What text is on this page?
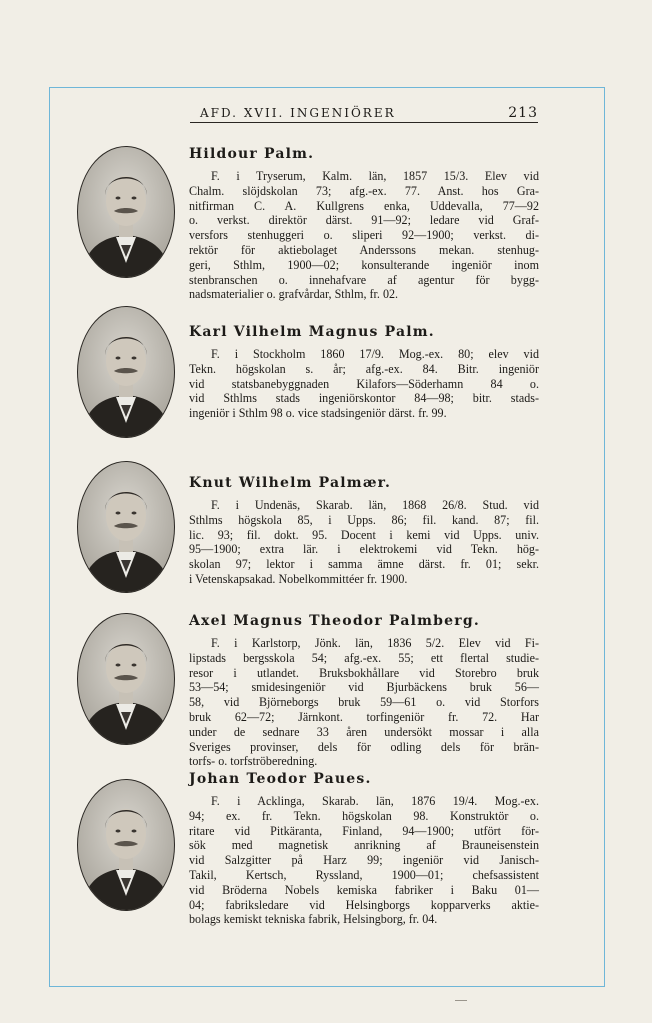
AFD. XVII. INGENIÖRER	213
Hildour Palm.
F. i Tryserum, Kalm. län, 1857 15/3. Elev vid
Chalm. slöjdskolan 73; afg.-ex. 77. Anst. hos Gra-
nitfirman C. A. Kullgrens enka, Uddevalla, 77—92
o. verkst. direktör därst. 91—92; ledare vid Graf-
versfors stenhuggeri o. sliperi 92—1900; verkst. di-
rektör för aktiebolaget Anderssons mekan. stenhug-
geri, Sthlm, 1900—02; konsulterande ingeniör inom
stenbranschen o. innehafvare af agentur för bygg-
nadsmaterialier o. grafvårdar, Sthlm, fr. 02.
Karl Vilhelm Magnus Palm.
F. i Stockholm 1860 17/9. Mog.-ex. 80; elev vid
Tekn. högskolan s. år; afg.-ex. 84. Bitr. ingeniör
vid statsbanebyggnaden Kilafors—Söderhamn 84 o.
vid Sthlms stads ingeniörskontor 84—98; bitr. stads-
ingeniör i Sthlm 98 o. vice stadsingeniör därst. fr. 99.
Knut Wilhelm Palmær.
F. i Undenäs, Skarab. län, 1868 26/8. Stud. vid
Sthlms högskola 85, i Upps. 86; fil. kand. 87; fil.
lic. 93; fil. dokt. 95. Docent i kemi vid Upps. univ.
95—1900; extra lär. i elektrokemi vid Tekn. hög-
skolan 97; lektor i samma ämne därst. fr. 01; sekr.
i Vetenskapsakad. Nobelkommittéer fr. 1900.
Axel Magnus Theodor Palmberg.
F. i Karlstorp, Jönk. län, 1836 5/2. Elev vid Fi-
lipstads bergsskola 54; afg.-ex. 55; ett flertal studie-
resor i utlandet. Bruksbokhållare vid Storebro bruk
53—54; smidesingeniör vid Bjurbäckens bruk 56—
58, vid Björneborgs bruk 59—61 o. vid Storfors
bruk 62—72; Järnkont. torfingeniör fr. 72. Har
under de sednare 33 åren undersökt mossar i alla
Sveriges provinser, dels för odling dels för brän-
torfs- o. torfströberedning.
Johan Teodor Paues.
F. i Acklinga, Skarab. län, 1876 19/4. Mog.-ex.
94; ex. fr. Tekn. högskolan 98. Konstruktör o.
ritare vid Pitkäranta, Finland, 94—1900; utfört för-
sök med magnetisk anrikning af Brauneisenstein
vid Salzgitter på Harz 99; ingeniör vid Janisch-
Takil, Kertsch, Ryssland, 1900—01; chefsassistent
vid Bröderna Nobels kemiska fabriker i Baku 01—
04; fabriksledare vid Helsingborgs kopparverks aktie-
bolags kemiskt tekniska fabrik, Helsingborg, fr. 04.
